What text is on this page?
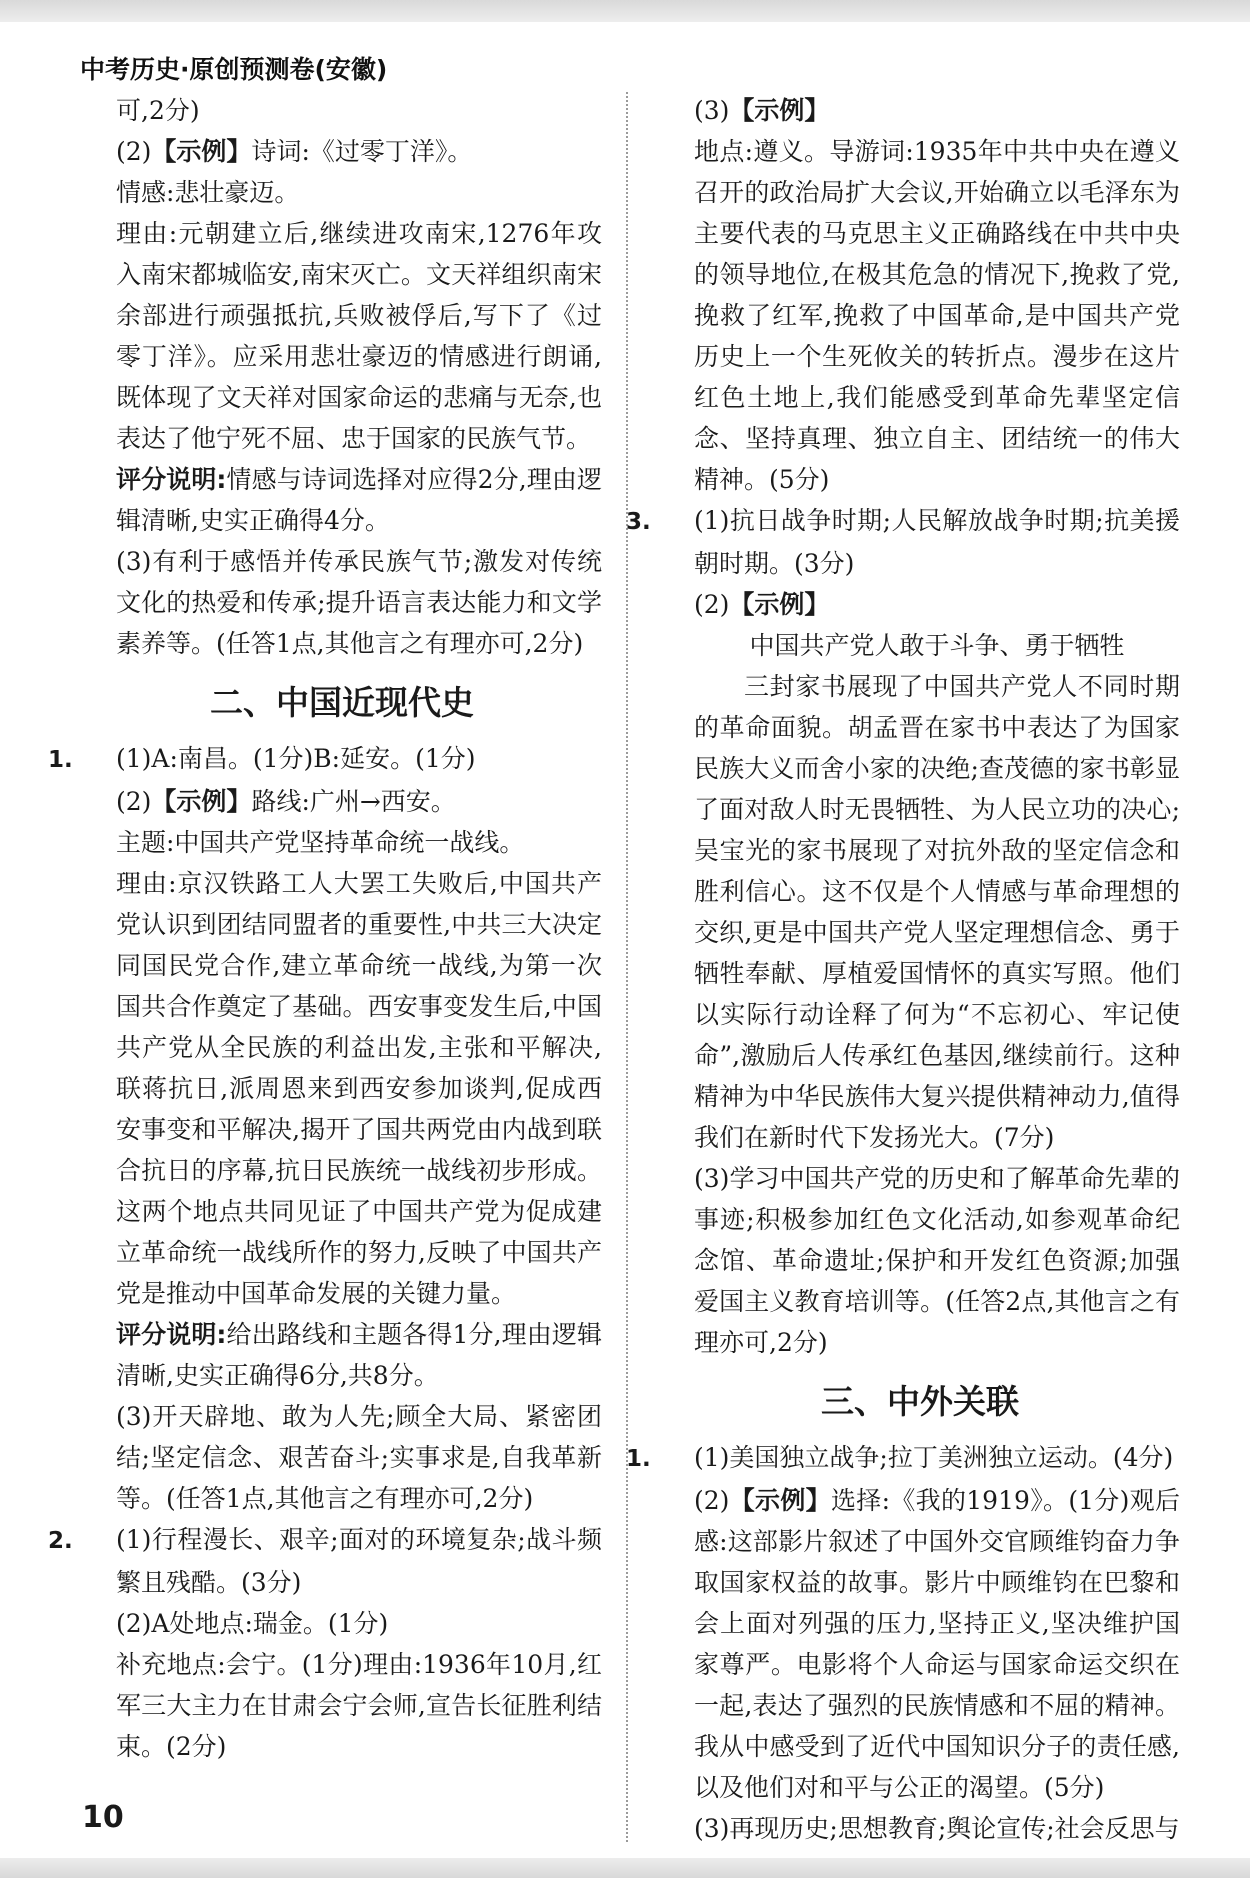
中考历史·原创预测卷(安徽)

可,2分)

(2)【示例】诗词:《过零丁洋》。

情感:悲壮豪迈。

理由:元朝建立后,继续进攻南宋,1276年攻入南宋都城临安,南宋灭亡。文天祥组织南宋余部进行顽强抵抗,兵败被俘后,写下了《过零丁洋》。应采用悲壮豪迈的情感进行朗诵,既体现了文天祥对国家命运的悲痛与无奈,也表达了他宁死不屈、忠于国家的民族气节。

评分说明:情感与诗词选择对应得2分,理由逻辑清晰,史实正确得4分。

(3)有利于感悟并传承民族气节;激发对传统文化的热爱和传承;提升语言表达能力和文学素养等。(任答1点,其他言之有理亦可,2分)

二、中国近现代史

1. (1)A:南昌。(1分)B:延安。(1分)

(2)【示例】路线:广州→西安。

主题:中国共产党坚持革命统一战线。

理由:京汉铁路工人大罢工失败后,中国共产党认识到团结同盟者的重要性,中共三大决定同国民党合作,建立革命统一战线,为第一次国共合作奠定了基础。西安事变发生后,中国共产党从全民族的利益出发,主张和平解决,联蒋抗日,派周恩来到西安参加谈判,促成西安事变和平解决,揭开了国共两党由内战到联合抗日的序幕,抗日民族统一战线初步形成。这两个地点共同见证了中国共产党为促成建立革命统一战线所作的努力,反映了中国共产党是推动中国革命发展的关键力量。

评分说明:给出路线和主题各得1分,理由逻辑清晰,史实正确得6分,共8分。

(3)开天辟地、敢为人先;顾全大局、紧密团结;坚定信念、艰苦奋斗;实事求是,自我革新等。(任答1点,其他言之有理亦可,2分)

2. (1)行程漫长、艰辛;面对的环境复杂;战斗频繁且残酷。(3分)

(2)A处地点:瑞金。(1分)

补充地点:会宁。(1分)理由:1936年10月,红军三大主力在甘肃会宁会师,宣告长征胜利结束。(2分)

(3)【示例】

地点:遵义。导游词:1935年中共中央在遵义召开的政治局扩大会议,开始确立以毛泽东为主要代表的马克思主义正确路线在中共中央的领导地位,在极其危急的情况下,挽救了党,挽救了红军,挽救了中国革命,是中国共产党历史上一个生死攸关的转折点。漫步在这片红色土地上,我们能感受到革命先辈坚定信念、坚持真理、独立自主、团结统一的伟大精神。(5分)

3. (1)抗日战争时期;人民解放战争时期;抗美援朝时期。(3分)

(2)【示例】

中国共产党人敢于斗争、勇于牺牲

三封家书展现了中国共产党人不同时期的革命面貌。胡孟晋在家书中表达了为国家民族大义而舍小家的决绝;查茂德的家书彰显了面对敌人时无畏牺牲、为人民立功的决心;吴宝光的家书展现了对抗外敌的坚定信念和胜利信心。这不仅是个人情感与革命理想的交织,更是中国共产党人坚定理想信念、勇于牺牲奉献、厚植爱国情怀的真实写照。他们以实际行动诠释了何为“不忘初心、牢记使命”,激励后人传承红色基因,继续前行。这种精神为中华民族伟大复兴提供精神动力,值得我们在新时代下发扬光大。(7分)

(3)学习中国共产党的历史和了解革命先辈的事迹;积极参加红色文化活动,如参观革命纪念馆、革命遗址;保护和开发红色资源;加强爱国主义教育培训等。(任答2点,其他言之有理亦可,2分)

三、中外关联

1. (1)美国独立战争;拉丁美洲独立运动。(4分)

(2)【示例】选择:《我的1919》。(1分)观后感:这部影片叙述了中国外交官顾维钧奋力争取国家权益的故事。影片中顾维钧在巴黎和会上面对列强的压力,坚持正义,坚决维护国家尊严。电影将个人命运与国家命运交织在一起,表达了强烈的民族情感和不屈的精神。我从中感受到了近代中国知识分子的责任感,以及他们对和平与公正的渴望。(5分)

(3)再现历史;思想教育;舆论宣传;社会反思与

10
